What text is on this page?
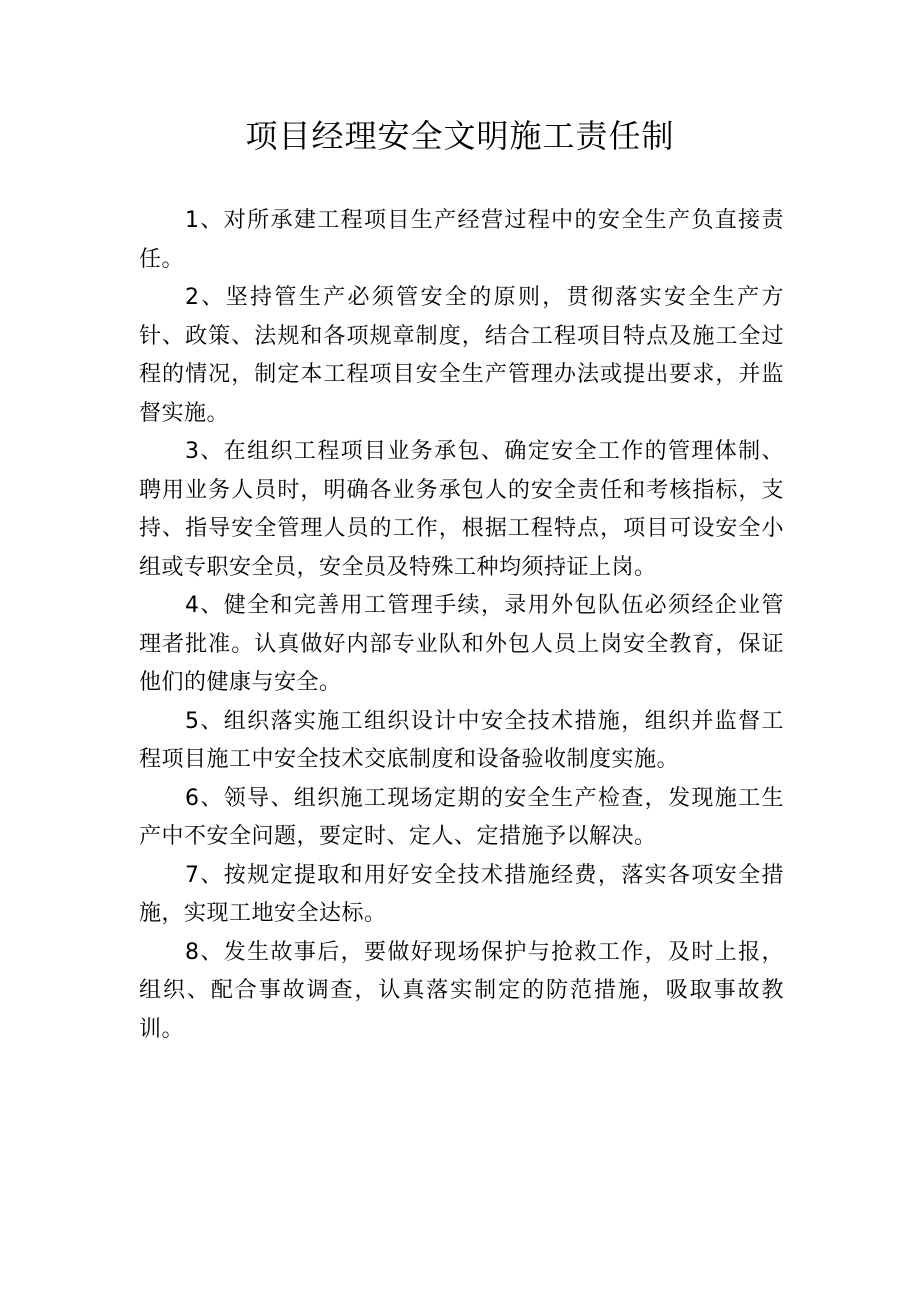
项目经理安全文明施工责任制

1、对所承建工程项目生产经营过程中的安全生产负直接责任。

2、坚持管生产必须管安全的原则，贯彻落实安全生产方针、政策、法规和各项规章制度，结合工程项目特点及施工全过程的情况，制定本工程项目安全生产管理办法或提出要求，并监督实施。

3、在组织工程项目业务承包、确定安全工作的管理体制、聘用业务人员时，明确各业务承包人的安全责任和考核指标，支持、指导安全管理人员的工作，根据工程特点，项目可设安全小组或专职安全员，安全员及特殊工种均须持证上岗。

4、健全和完善用工管理手续，录用外包队伍必须经企业管理者批准。认真做好内部专业队和外包人员上岗安全教育，保证他们的健康与安全。

5、组织落实施工组织设计中安全技术措施，组织并监督工程项目施工中安全技术交底制度和设备验收制度实施。

6、领导、组织施工现场定期的安全生产检查，发现施工生产中不安全问题，要定时、定人、定措施予以解决。

7、按规定提取和用好安全技术措施经费，落实各项安全措施，实现工地安全达标。

8、发生故事后，要做好现场保护与抢救工作，及时上报，组织、配合事故调查，认真落实制定的防范措施，吸取事故教训。
